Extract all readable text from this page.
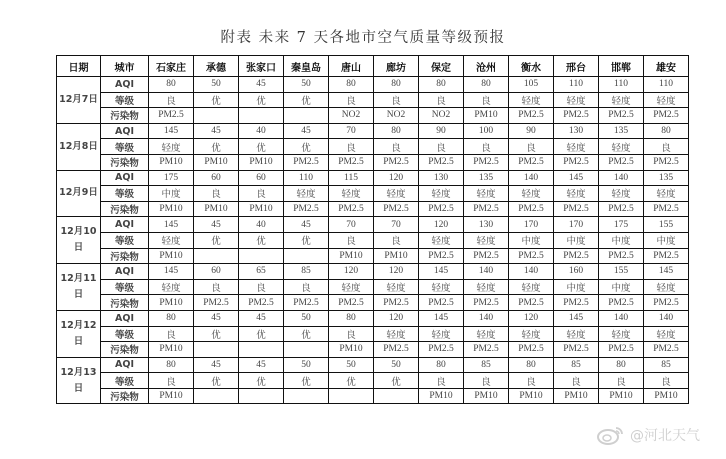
附表 未来 7 天各地市空气质量等级预报
日期	城市	石家庄	承德	张家口	秦皇岛	唐山	廊坊	保定	沧州	衡水	邢台	邯郸	雄安
12月7日	AQI	80	50	45	50	80	80	80	80	105	110	110	110
	等级	良	优	优	优	良	良	良	良	轻度	轻度	轻度	轻度
	污染物	PM2.5				NO2	NO2	NO2	PM10	PM2.5	PM2.5	PM2.5	PM2.5
12月8日	AQI	145	45	40	45	70	80	90	100	90	130	135	80
	等级	轻度	优	优	优	良	良	良	良	良	轻度	轻度	良
	污染物	PM10	PM10	PM10	PM2.5	PM2.5	PM2.5	PM2.5	PM2.5	PM2.5	PM2.5	PM2.5	PM2.5
12月9日	AQI	175	60	60	110	115	120	130	135	140	145	140	135
	等级	中度	良	良	轻度	轻度	轻度	轻度	轻度	轻度	轻度	轻度	轻度
	污染物	PM10	PM10	PM10	PM2.5	PM2.5	PM2.5	PM2.5	PM2.5	PM2.5	PM2.5	PM2.5	PM2.5
12月10日	AQI	145	45	40	45	70	70	120	130	170	170	175	155
	等级	轻度	优	优	优	良	良	轻度	轻度	中度	中度	中度	中度
	污染物	PM10				PM10	PM10	PM2.5	PM2.5	PM2.5	PM2.5	PM2.5	PM2.5
12月11日	AQI	145	60	65	85	120	120	145	140	140	160	155	145
	等级	轻度	良	良	良	轻度	轻度	轻度	轻度	轻度	中度	中度	轻度
	污染物	PM10	PM2.5	PM2.5	PM2.5	PM2.5	PM2.5	PM2.5	PM2.5	PM2.5	PM2.5	PM2.5	PM2.5
12月12日	AQI	80	45	45	50	80	120	145	140	120	145	140	140
	等级	良	优	优	优	良	轻度	轻度	轻度	轻度	轻度	轻度	轻度
	污染物	PM10				PM10	PM2.5	PM2.5	PM2.5	PM2.5	PM2.5	PM2.5	PM2.5
12月13日	AQI	80	45	45	50	50	50	80	85	80	85	80	85
	等级	良	优	优	优	优	优	良	良	良	良	良	良
	污染物	PM10						PM10	PM10	PM10	PM10	PM10	PM10
@河北天气
